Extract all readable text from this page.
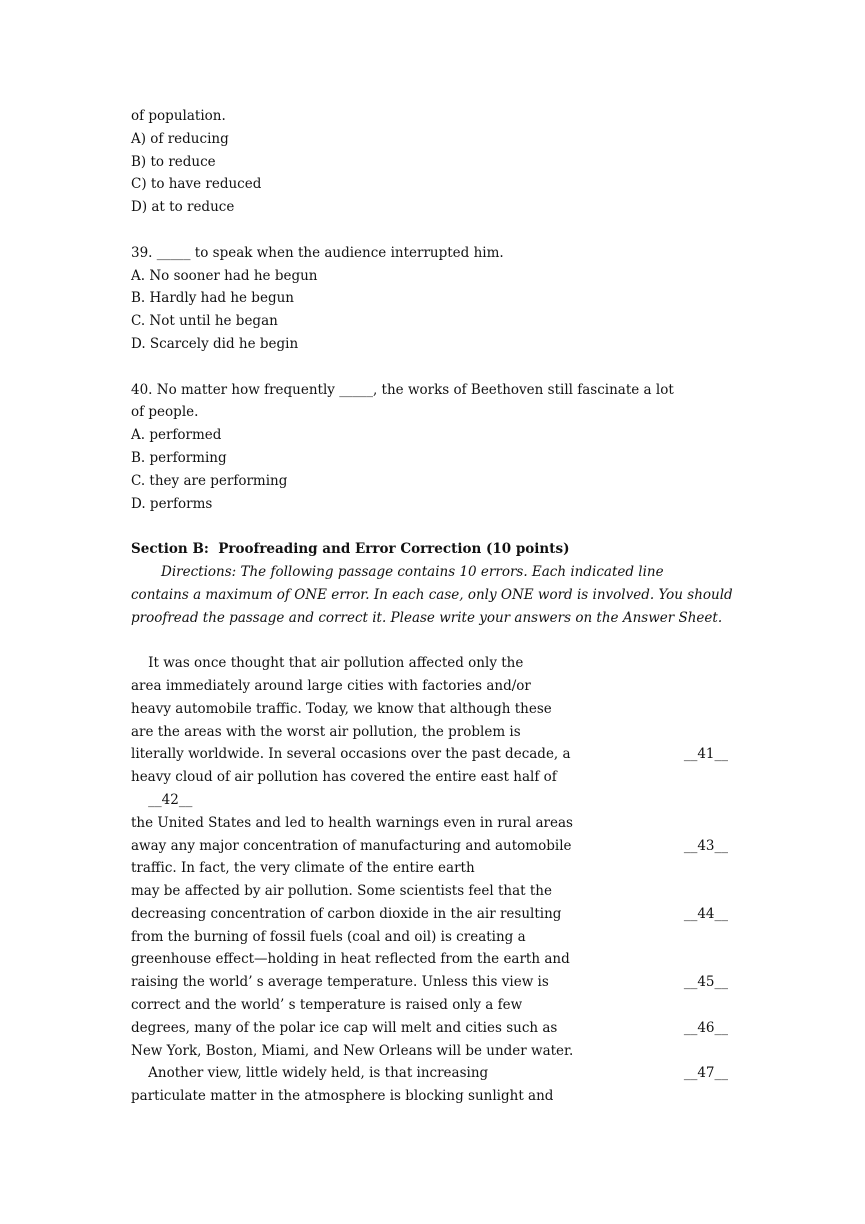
of population.
A) of reducing
B) to reduce
C) to have reduced
D) at to reduce
39. _____ to speak when the audience interrupted him.
A. No sooner had he begun
B. Hardly had he begun
C. Not until he began
D. Scarcely did he begin
40. No matter how frequently _____, the works of Beethoven still fascinate a lot
of people.
A. performed
B. performing
C. they are performing
D. performs
Section B:  Proofreading and Error Correction (10 points)
Directions: The following passage contains 10 errors. Each indicated line
contains a maximum of ONE error. In each case, only ONE word is involved. You should
proofread the passage and correct it. Please write your answers on the Answer Sheet.
It was once thought that air pollution affected only the
area immediately around large cities with factories and/or
heavy automobile traffic. Today, we know that although these
are the areas with the worst air pollution, the problem is
literally worldwide. In several occasions over the past decade, a	__41__
heavy cloud of air pollution has covered the entire east half of
__42__
the United States and led to health warnings even in rural areas
away any major concentration of manufacturing and automobile	__43__
traffic. In fact, the very climate of the entire earth
may be affected by air pollution. Some scientists feel that the
decreasing concentration of carbon dioxide in the air resulting	__44__
from the burning of fossil fuels (coal and oil) is creating a
greenhouse effect—holding in heat reflected from the earth and
raising the world’ s average temperature. Unless this view is	__45__
correct and the world’ s temperature is raised only a few
degrees, many of the polar ice cap will melt and cities such as	__46__
New York, Boston, Miami, and New Orleans will be under water.
Another view, little widely held, is that increasing	__47__
particulate matter in the atmosphere is blocking sunlight and
